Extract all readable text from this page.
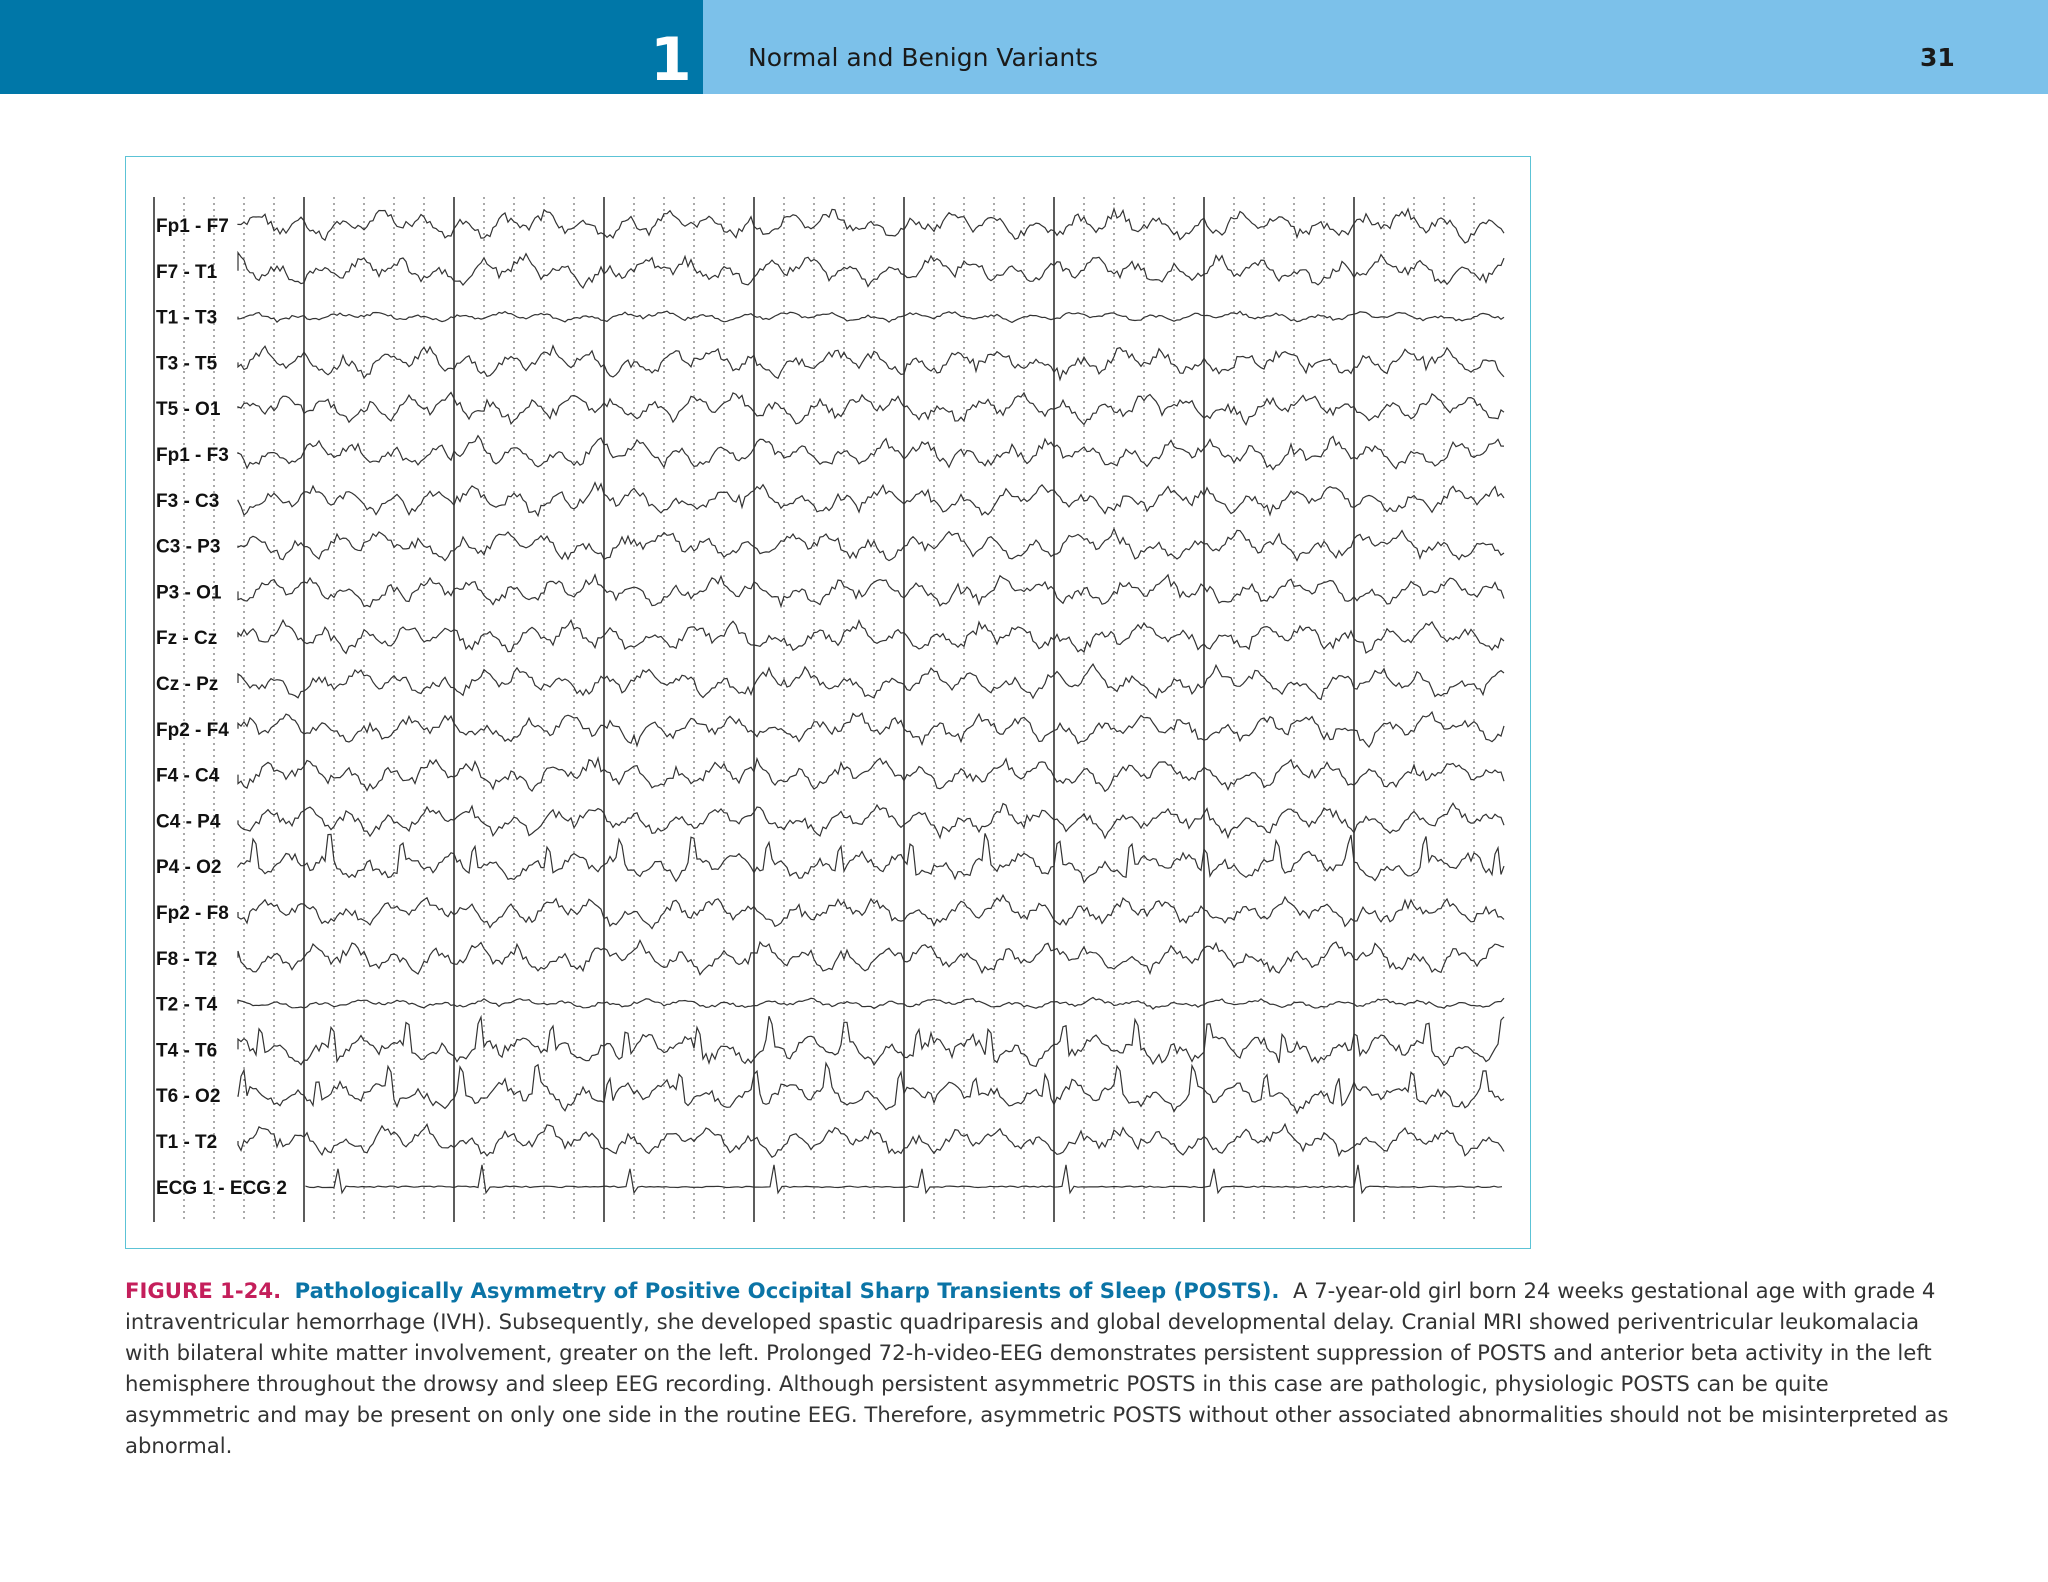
1 Normal and Benign Variants	31
Fp1 - F7
F7 - T1
T1 - T3
T3 - T5
T5 - O1
Fp1 - F3
F3 - C3
C3 - P3
P3 - O1
Fz - Cz
Cz - Pz
Fp2 - F4
F4 - C4
C4 - P4
P4 - O2
Fp2 - F8
F8 - T2
T2 - T4
T4 - T6
T6 - O2
T1 - T2
ECG 1 - ECG 2
FIGURE 1-24. Pathologically Asymmetry of Positive Occipital Sharp Transients of Sleep (POSTS). A 7-year-old girl born 24 weeks gestational age with grade 4 intraventricular hemorrhage (IVH). Subsequently, she developed spastic quadriparesis and global developmental delay. Cranial MRI showed periventricular leukomalacia with bilateral white matter involvement, greater on the left. Prolonged 72-h-video-EEG demonstrates persistent suppression of POSTS and anterior beta activity in the left hemisphere throughout the drowsy and sleep EEG recording. Although persistent asymmetric POSTS in this case are pathologic, physiologic POSTS can be quite asymmetric and may be present on only one side in the routine EEG. Therefore, asymmetric POSTS without other associated abnormalities should not be misinterpreted as abnormal.
